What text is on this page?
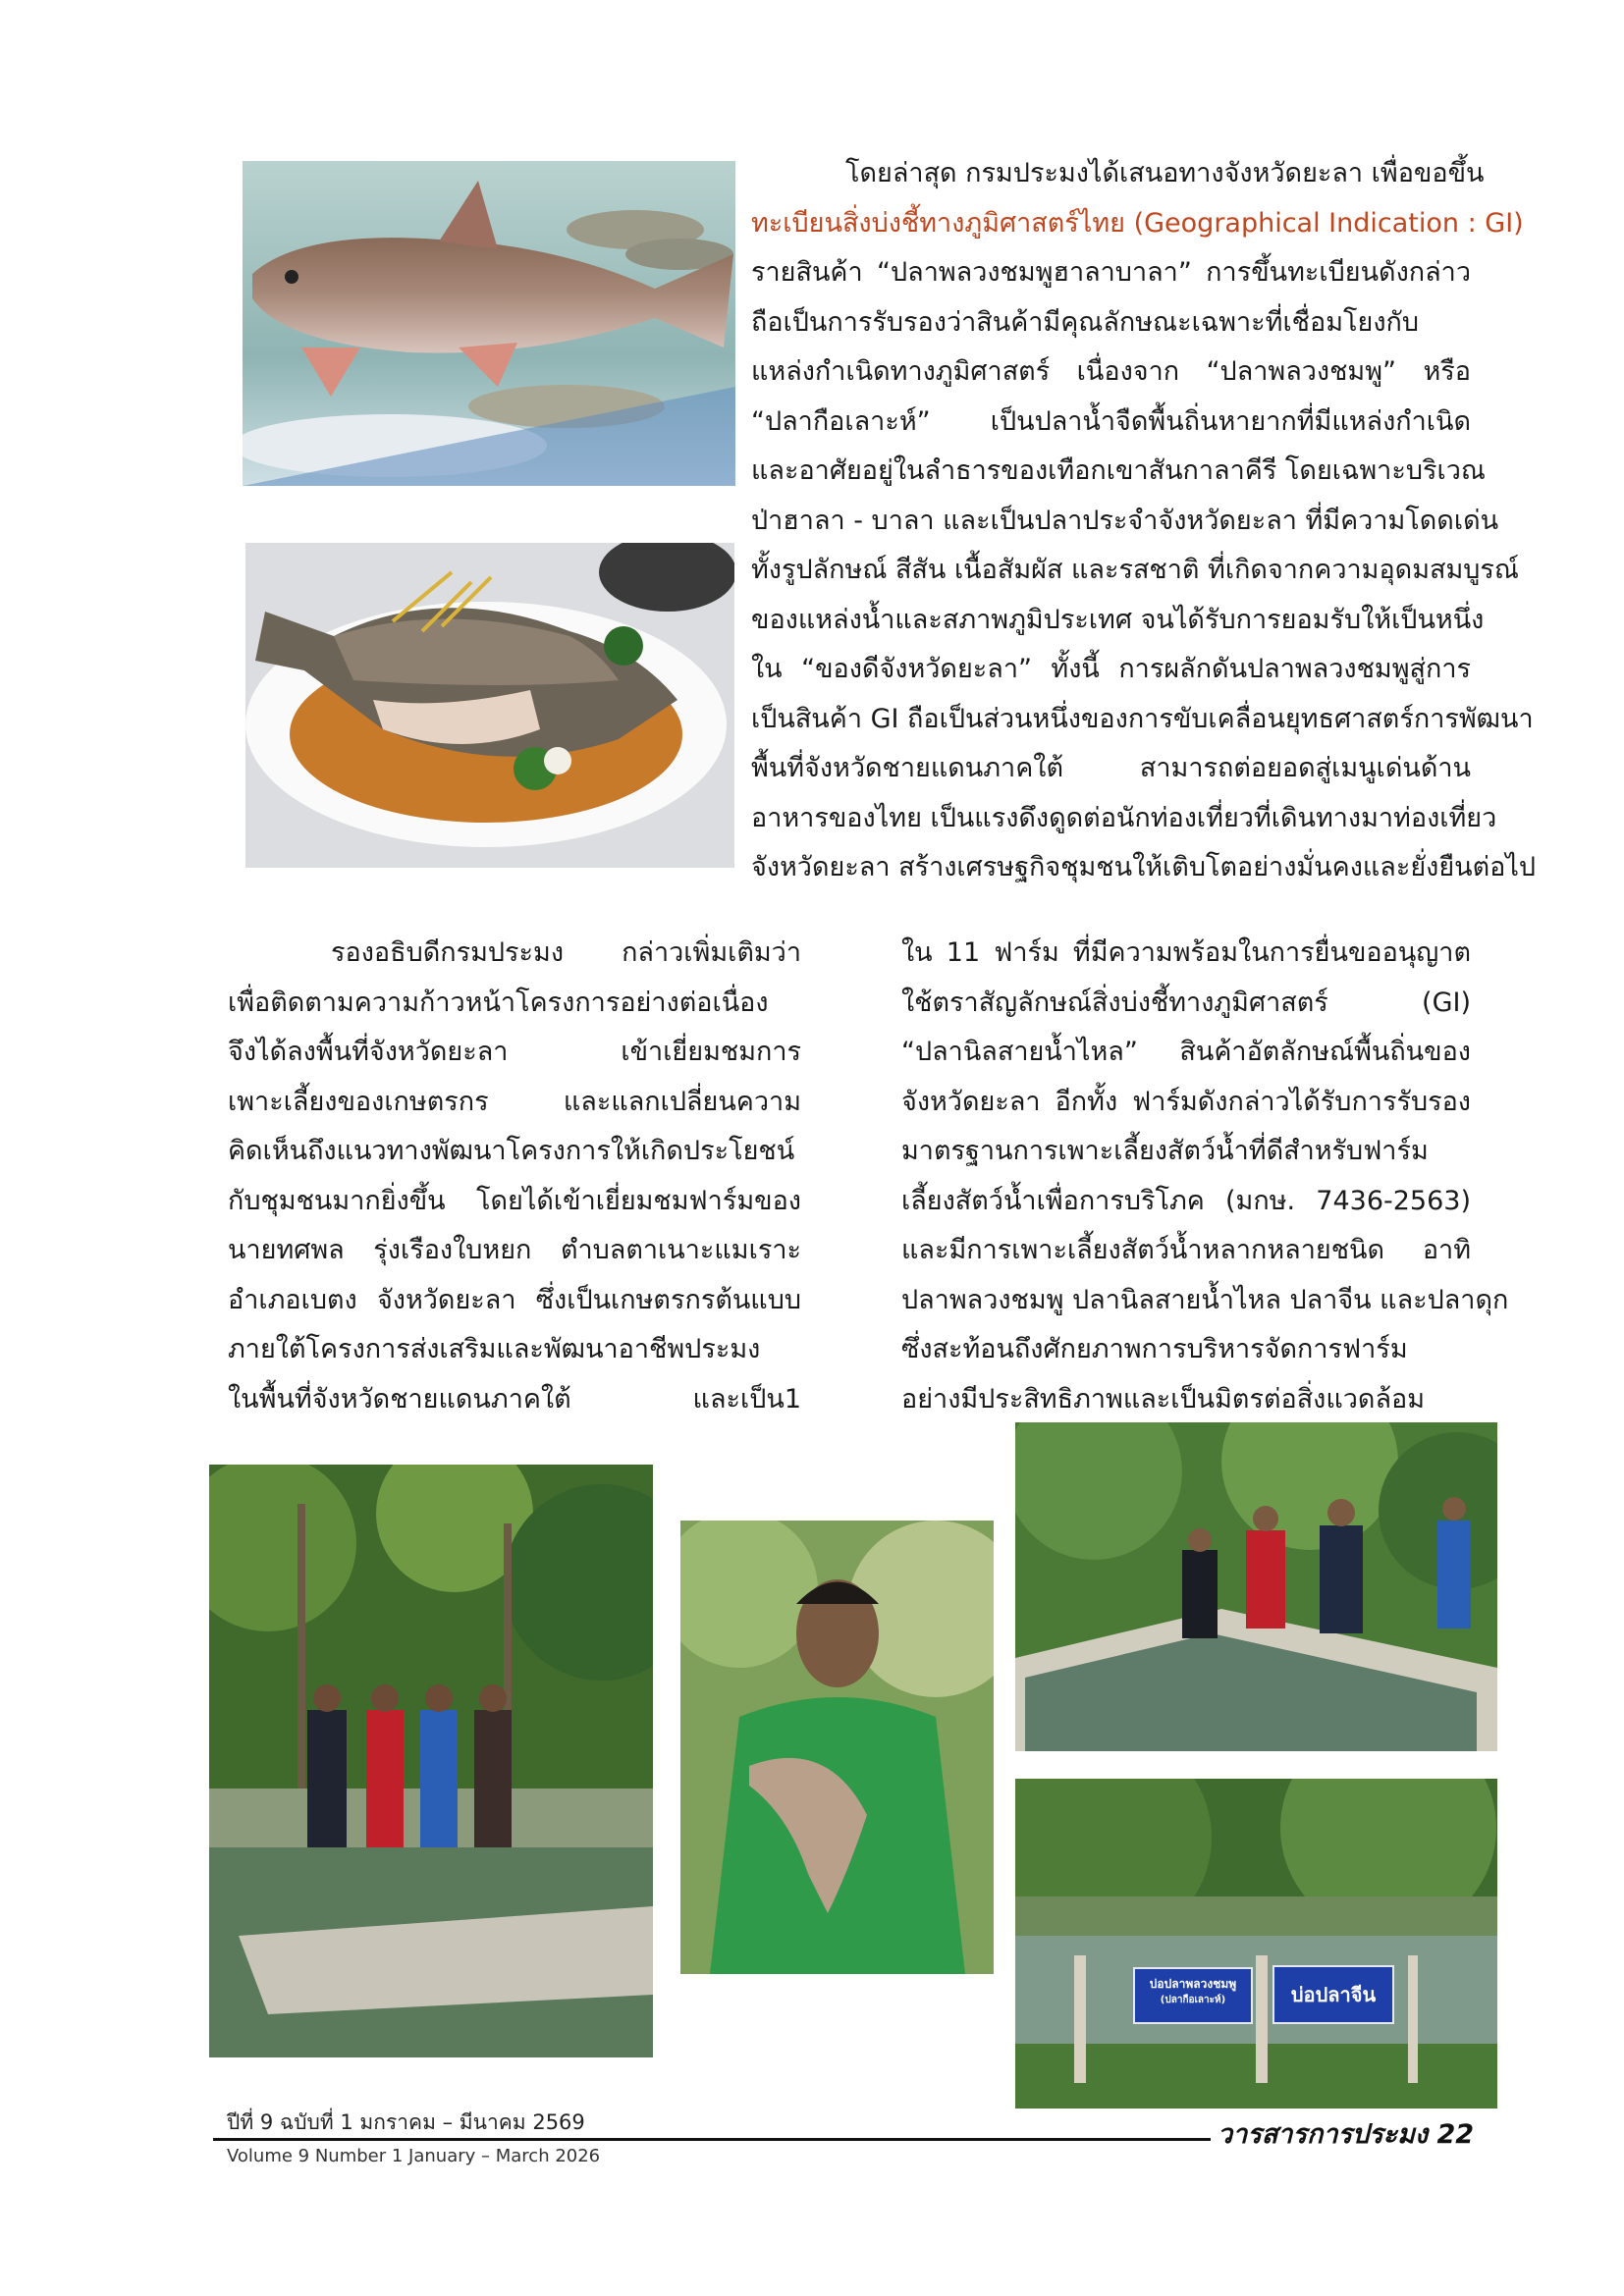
โดยล่าสุด กรมประมงได้เสนอทางจังหวัดยะลา เพื่อขอขึ้น
ทะเบียนสิ่งบ่งชี้ทางภูมิศาสตร์ไทย (Geographical Indication : GI)
รายสินค้า “ปลาพลวงชมพูฮาลาบาลา” การขึ้นทะเบียนดังกล่าว
ถือเป็นการรับรองว่าสินค้ามีคุณลักษณะเฉพาะที่เชื่อมโยงกับ
แหล่งกำเนิดทางภูมิศาสตร์ เนื่องจาก “ปลาพลวงชมพู” หรือ
“ปลากือเลาะห์” เป็นปลาน้ำจืดพื้นถิ่นหายากที่มีแหล่งกำเนิด
และอาศัยอยู่ในลำธารของเทือกเขาสันกาลาคีรี โดยเฉพาะบริเวณ
ป่าฮาลา - บาลา และเป็นปลาประจำจังหวัดยะลา ที่มีความโดดเด่น
ทั้งรูปลักษณ์ สีสัน เนื้อสัมผัส และรสชาติ ที่เกิดจากความอุดมสมบูรณ์
ของแหล่งน้ำและสภาพภูมิประเทศ จนได้รับการยอมรับให้เป็นหนึ่ง
ใน “ของดีจังหวัดยะลา” ทั้งนี้ การผลักดันปลาพลวงชมพูสู่การ
เป็นสินค้า GI ถือเป็นส่วนหนึ่งของการขับเคลื่อนยุทธศาสตร์การพัฒนา
พื้นที่จังหวัดชายแดนภาคใต้ สามารถต่อยอดสู่เมนูเด่นด้าน
อาหารของไทย เป็นแรงดึงดูดต่อนักท่องเที่ยวที่เดินทางมาท่องเที่ยว
จังหวัดยะลา สร้างเศรษฐกิจชุมชนให้เติบโตอย่างมั่นคงและยั่งยืนต่อไป
รองอธิบดีกรมประมง กล่าวเพิ่มเติมว่า
เพื่อติดตามความก้าวหน้าโครงการอย่างต่อเนื่อง
จึงได้ลงพื้นที่จังหวัดยะลา เข้าเยี่ยมชมการ
เพาะเลี้ยงของเกษตรกร และแลกเปลี่ยนความ
คิดเห็นถึงแนวทางพัฒนาโครงการให้เกิดประโยชน์
กับชุมชนมากยิ่งขึ้น โดยได้เข้าเยี่ยมชมฟาร์มของ
นายทศพล รุ่งเรืองใบหยก ตำบลตาเนาะแมเราะ
อำเภอเบตง จังหวัดยะลา ซึ่งเป็นเกษตรกรต้นแบบ
ภายใต้โครงการส่งเสริมและพัฒนาอาชีพประมง
ในพื้นที่จังหวัดชายแดนภาคใต้ และเป็น1
ใน 11 ฟาร์ม ที่มีความพร้อมในการยื่นขออนุญาต
ใช้ตราสัญลักษณ์สิ่งบ่งชี้ทางภูมิศาสตร์ (GI)
“ปลานิลสายน้ำไหล” สินค้าอัตลักษณ์พื้นถิ่นของ
จังหวัดยะลา อีกทั้ง ฟาร์มดังกล่าวได้รับการรับรอง
มาตรฐานการเพาะเลี้ยงสัตว์น้ำที่ดีสำหรับฟาร์ม
เลี้ยงสัตว์น้ำเพื่อการบริโภค (มกษ. 7436-2563)
และมีการเพาะเลี้ยงสัตว์น้ำหลากหลายชนิด อาทิ
ปลาพลวงชมพู ปลานิลสายน้ำไหล ปลาจีน และปลาดุก
ซึ่งสะท้อนถึงศักยภาพการบริหารจัดการฟาร์ม
อย่างมีประสิทธิภาพและเป็นมิตรต่อสิ่งแวดล้อม
บ่อปลาพลวงชมพู
(ปลากือเลาะห์)	บ่อปลาจีน
ปีที่ 9 ฉบับที่ 1 มกราคม – มีนาคม 2569
Volume 9 Number 1 January – March 2026
วารสารการประมง 22
